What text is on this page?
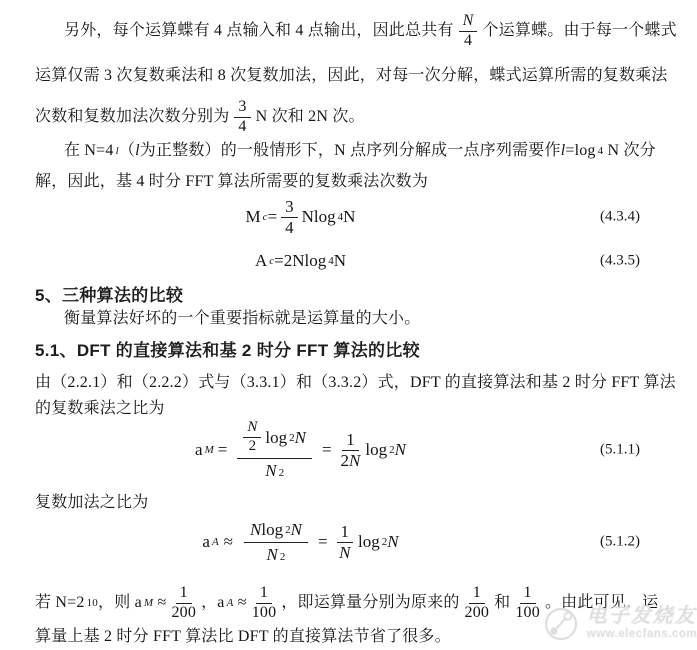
另外，每个运算蝶有 4 点输入和 4 点输出，因此总共有 $\frac{N}{4}$ 个运算蝶。由于每一个蝶式
运算仅需 3 次复数乘法和 8 次复数加法，因此，对每一次分解，蝶式运算所需的复数乘法
次数和复数加法次数分别为 $\frac{3}{4}$ N 次和 2N 次。
在 N=4 l （ l 为正整数）的一般情形下，N 点序列分解成一点序列需要作 l =log 4 N 次分
解，因此，基 4 时分 FFT 算法所需要的复数乘法次数为
M $c = \frac{3}{4}$ Nlog 4 N	(4.3.4)
A c = 2Nlog 4 N	(4.3.5)
5、三种算法的比较
衡量算法好坏的一个重要指标就是运算量的大小。
5.1、DFT 的直接算法和基 2 时分 FFT 算法的比较
由（2.2.1）和（2.2.2）式与（3.3.1）和（3.3.2）式，DFT 的直接算法和基 2 时分 FFT 算法
的复数乘法之比为
a $M = \frac{\frac{N}{2} \log 2 N}{N 2} = \frac{1}{2 N}$ log 2 N	(5.1.1)
复数加法之比为
a $A \approx \frac{\text{N log 2 N}}{N 2} = \frac{1}{N}$ log 2 N	(5.1.2)
若 N=2 10 ，则 a $M \approx \frac{1}{200}$ ，a $A \approx \frac{1}{100}$ ，即运算量分别为原来的 $\frac{1}{200}$ 和 $\frac{1}{100}$ 。由此可见，运
算量上基 2 时分 FFT 算法比 DFT 的直接算法节省了很多。
电子发烧友
www.elecfans.com
